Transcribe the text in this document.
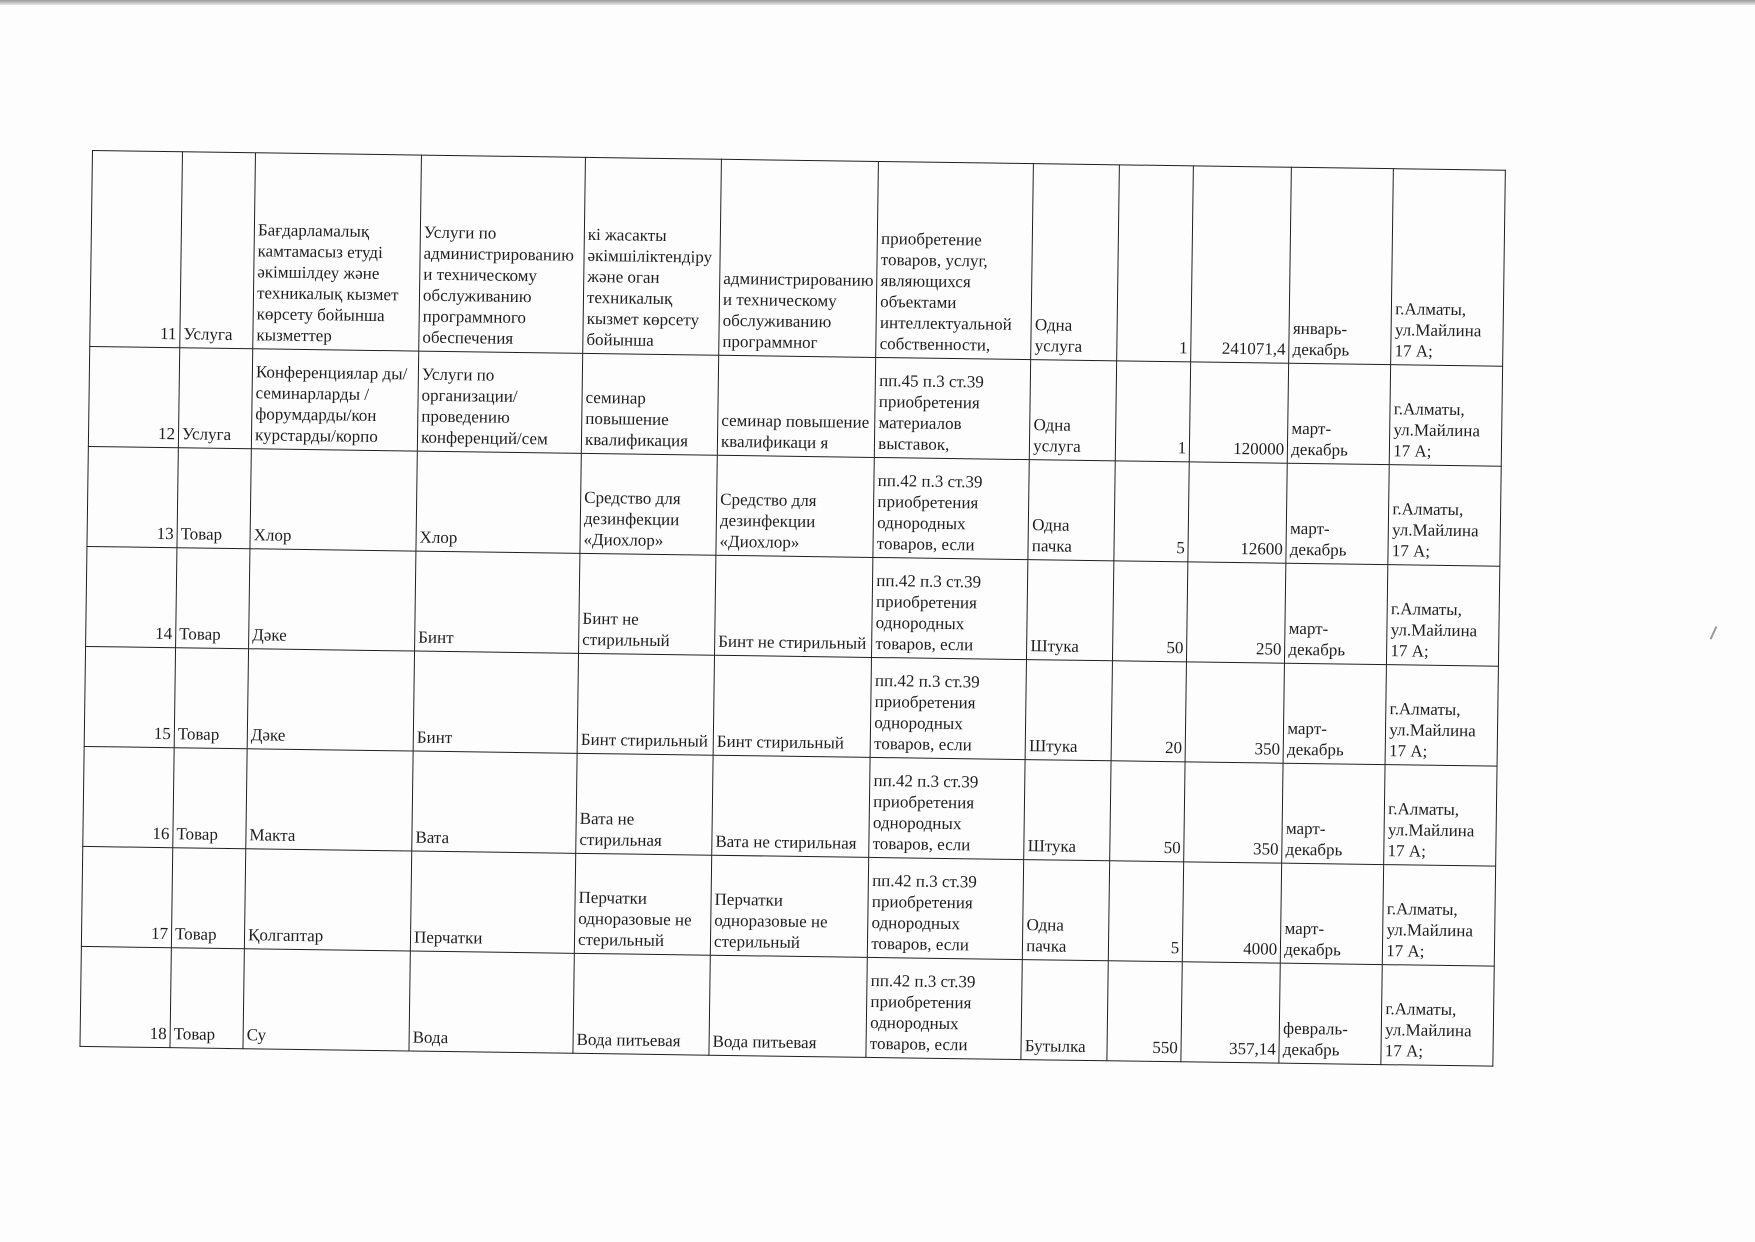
11	Услуга	Бағдарламалық камтамасыз етуді әкімшілдеу және техникалық кызмет көрсету бойынша кызметтер	Услуги по администрированию и техническому обслуживанию программного обеспечения	кі жасакты әкімшіліктендіру және оган техникалық кызмет көрсету бойынша	администрированию и техническому обслуживанию программног	приобретение товаров, услуг, являющихся объектами интеллектуальной собственности,	Одна услуга	1	241071,4	январь-декабрь	г.Алматы, ул.Майлина 17 А;
12	Услуга	Конференциялар ды/семинарларды /форумдарды/кон курстарды/корпо	Услуги по организации/проведению конференций/сем	семинар повышение квалификация	семинар повышение квалификаци я	пп.45 п.3 ст.39 приобретения материалов выставок,	Одна услуга	1	120000	март-декабрь	г.Алматы, ул.Майлина 17 А;
13	Товар	Хлор	Хлор	Средство для дезинфекции «Диохлор»	Средство для дезинфекции «Диохлор»	пп.42 п.3 ст.39 приобретения однородных товаров, если	Одна пачка	5	12600	март-декабрь	г.Алматы, ул.Майлина 17 А;
14	Товар	Дәке	Бинт	Бинт не стирильный	Бинт не стирильный	пп.42 п.3 ст.39 приобретения однородных товаров, если	Штука	50	250	март-декабрь	г.Алматы, ул.Майлина 17 А;
15	Товар	Дәке	Бинт	Бинт стирильный	Бинт стирильный	пп.42 п.3 ст.39 приобретения однородных товаров, если	Штука	20	350	март-декабрь	г.Алматы, ул.Майлина 17 А;
16	Товар	Макта	Вата	Вата не стирильная	Вата не стирильная	пп.42 п.3 ст.39 приобретения однородных товаров, если	Штука	50	350	март-декабрь	г.Алматы, ул.Майлина 17 А;
17	Товар	Қолгаптар	Перчатки	Перчатки одноразовые не стерильный	Перчатки одноразовые не стерильный	пп.42 п.3 ст.39 приобретения однородных товаров, если	Одна пачка	5	4000	март-декабрь	г.Алматы, ул.Майлина 17 А;
18	Товар	Су	Вода	Вода питьевая	Вода питьевая	пп.42 п.3 ст.39 приобретения однородных товаров, если	Бутылка	550	357,14	февраль-декабрь	г.Алматы, ул.Майлина 17 А;
